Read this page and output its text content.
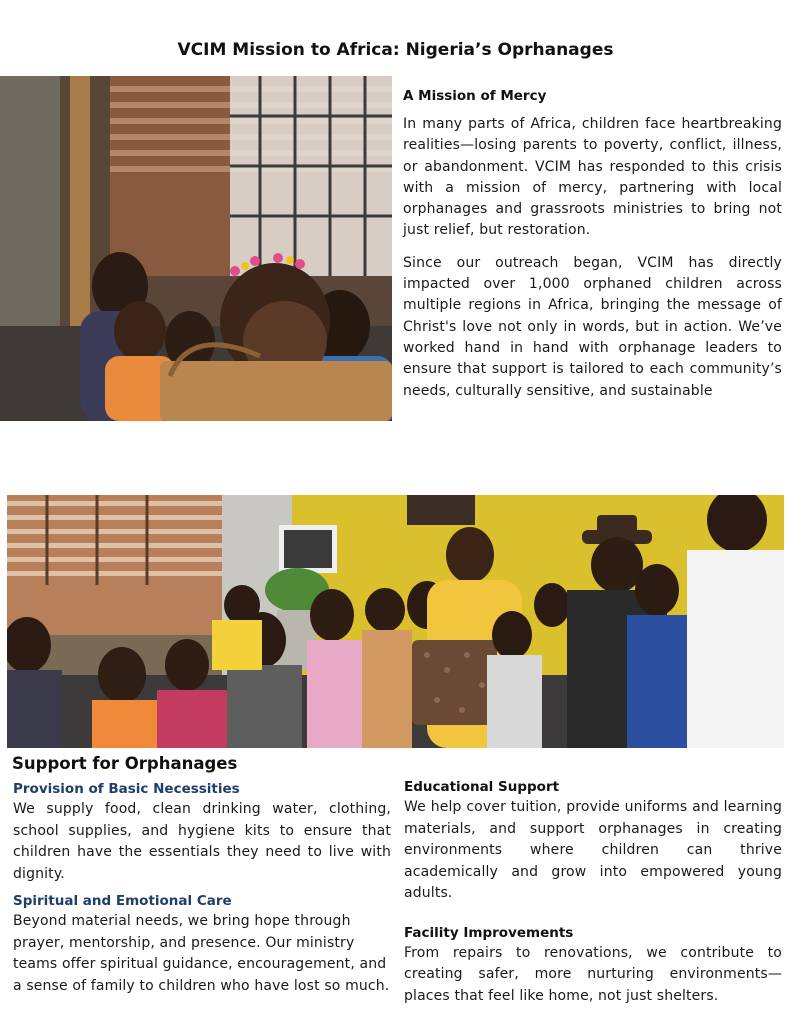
VCIM Mission to Africa: Nigeria’s Oprhanages
A Mission of Mercy

In many parts of Africa, children face heartbreaking realities—losing parents to poverty, conflict, illness, or abandonment. VCIM has responded to this crisis with a mission of mercy, partnering with local orphanages and grassroots ministries to bring not just relief, but restoration.

Since our outreach began, VCIM has directly impacted over 1,000 orphaned children across multiple regions in Africa, bringing the message of Christ's love not only in words, but in action. We’ve worked hand in hand with orphanage leaders to ensure that support is tailored to each community’s needs, culturally sensitive, and sustainable

Support for Orphanages
Provision of Basic Necessities

We supply food, clean drinking water, clothing, school supplies, and hygiene kits to ensure that children have the essentials they need to live with dignity.

Spiritual and Emotional Care

Beyond material needs, we bring hope through prayer, mentorship, and presence. Our ministry teams offer spiritual guidance, encouragement, and a sense of family to children who have lost so much.

Educational Support

We help cover tuition, provide uniforms and learning materials, and support orphanages in creating environments where children can thrive academically and grow into empowered young adults.

Facility Improvements

From repairs to renovations, we contribute to creating safer, more nurturing environments—places that feel like home, not just shelters.
